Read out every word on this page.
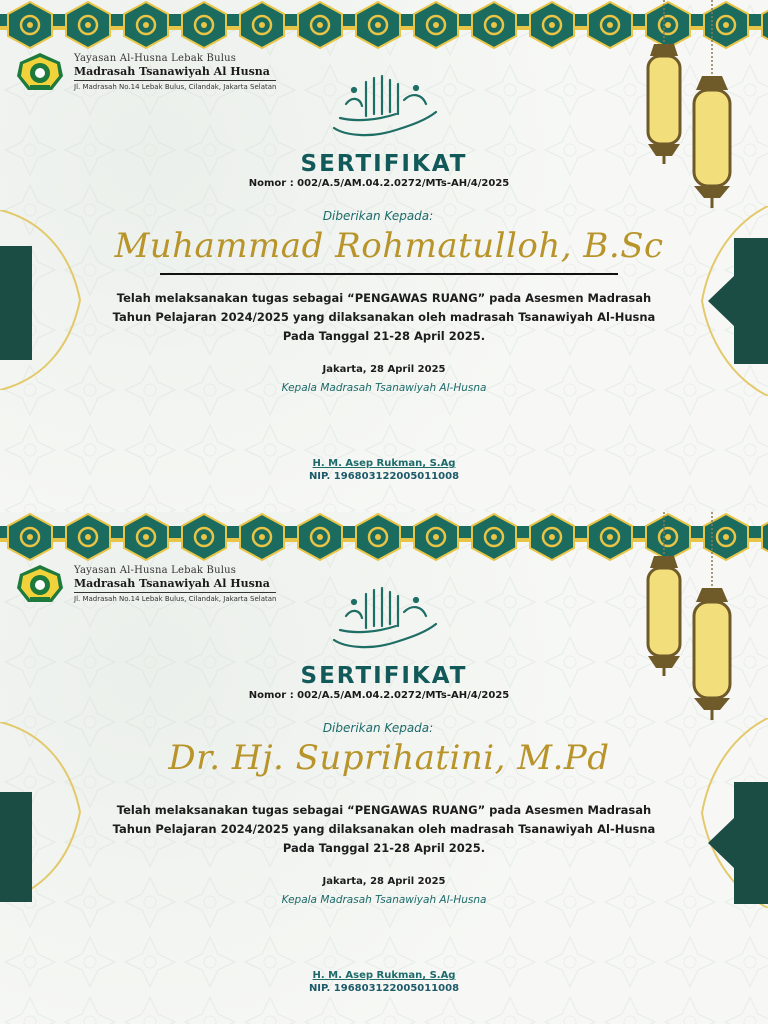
Yayasan Al-Husna Lebak Bulus
Madrasah Tsanawiyah Al Husna
Jl. Madrasah No.14 Lebak Bulus, Cilandak, Jakarta Selatan
SERTIFIKAT
Nomor : 002/A.5/AM.04.2.0272/MTs-AH/4/2025
Diberikan Kepada:
Muhammad Rohmatulloh, B.Sc
Telah melaksanakan tugas sebagai “PENGAWAS RUANG” pada Asesmen Madrasah
Tahun Pelajaran 2024/2025 yang dilaksanakan oleh madrasah Tsanawiyah Al-Husna
Pada Tanggal 21-28 April 2025.
Jakarta, 28 April 2025
Kepala Madrasah Tsanawiyah Al-Husna
H. M. Asep Rukman, S.Ag
NIP. 196803122005011008
Yayasan Al-Husna Lebak Bulus
Madrasah Tsanawiyah Al Husna
Jl. Madrasah No.14 Lebak Bulus, Cilandak, Jakarta Selatan
SERTIFIKAT
Nomor : 002/A.5/AM.04.2.0272/MTs-AH/4/2025
Diberikan Kepada:
Dr. Hj. Suprihatini, M.Pd
Telah melaksanakan tugas sebagai “PENGAWAS RUANG” pada Asesmen Madrasah
Tahun Pelajaran 2024/2025 yang dilaksanakan oleh madrasah Tsanawiyah Al-Husna
Pada Tanggal 21-28 April 2025.
Jakarta, 28 April 2025
Kepala Madrasah Tsanawiyah Al-Husna
H. M. Asep Rukman, S.Ag
NIP. 196803122005011008
